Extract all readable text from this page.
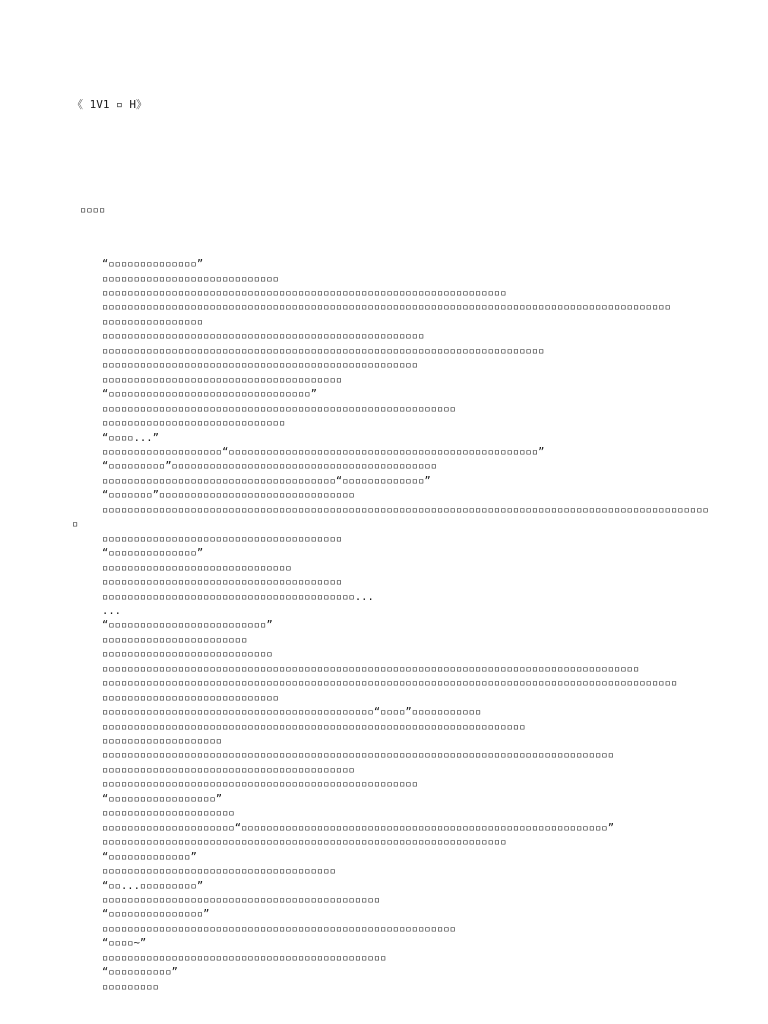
《 1V1 ▫ H》

▫▫▫▫

“▫▫▫▫▫▫▫▫▫▫▫▫▫▫”
▫▫▫▫▫▫▫▫▫▫▫▫▫▫▫▫▫▫▫▫▫▫▫▫▫▫▫▫
▫▫▫▫▫▫▫▫▫▫▫▫▫▫▫▫▫▫▫▫▫▫▫▫▫▫▫▫▫▫▫▫▫▫▫▫▫▫▫▫▫▫▫▫▫▫▫▫▫▫▫▫▫▫▫▫▫▫▫▫▫▫▫▫
▫▫▫▫▫▫▫▫▫▫▫▫▫▫▫▫▫▫▫▫▫▫▫▫▫▫▫▫▫▫▫▫▫▫▫▫▫▫▫▫▫▫▫▫▫▫▫▫▫▫▫▫▫▫▫▫▫▫▫▫▫▫▫▫▫▫▫▫▫▫▫▫▫▫▫▫▫▫▫▫▫▫▫▫▫▫▫▫▫▫
▫▫▫▫▫▫▫▫▫▫▫▫▫▫▫▫
▫▫▫▫▫▫▫▫▫▫▫▫▫▫▫▫▫▫▫▫▫▫▫▫▫▫▫▫▫▫▫▫▫▫▫▫▫▫▫▫▫▫▫▫▫▫▫▫▫▫▫
▫▫▫▫▫▫▫▫▫▫▫▫▫▫▫▫▫▫▫▫▫▫▫▫▫▫▫▫▫▫▫▫▫▫▫▫▫▫▫▫▫▫▫▫▫▫▫▫▫▫▫▫▫▫▫▫▫▫▫▫▫▫▫▫▫▫▫▫▫▫
▫▫▫▫▫▫▫▫▫▫▫▫▫▫▫▫▫▫▫▫▫▫▫▫▫▫▫▫▫▫▫▫▫▫▫▫▫▫▫▫▫▫▫▫▫▫▫▫▫▫
▫▫▫▫▫▫▫▫▫▫▫▫▫▫▫▫▫▫▫▫▫▫▫▫▫▫▫▫▫▫▫▫▫▫▫▫▫▫
“▫▫▫▫▫▫▫▫▫▫▫▫▫▫▫▫▫▫▫▫▫▫▫▫▫▫▫▫▫▫▫▫”
▫▫▫▫▫▫▫▫▫▫▫▫▫▫▫▫▫▫▫▫▫▫▫▫▫▫▫▫▫▫▫▫▫▫▫▫▫▫▫▫▫▫▫▫▫▫▫▫▫▫▫▫▫▫▫▫
▫▫▫▫▫▫▫▫▫▫▫▫▫▫▫▫▫▫▫▫▫▫▫▫▫▫▫▫▫
“▫▫▫▫...”
▫▫▫▫▫▫▫▫▫▫▫▫▫▫▫▫▫▫▫“▫▫▫▫▫▫▫▫▫▫▫▫▫▫▫▫▫▫▫▫▫▫▫▫▫▫▫▫▫▫▫▫▫▫▫▫▫▫▫▫▫▫▫▫▫▫▫▫▫”
“▫▫▫▫▫▫▫▫▫”▫▫▫▫▫▫▫▫▫▫▫▫▫▫▫▫▫▫▫▫▫▫▫▫▫▫▫▫▫▫▫▫▫▫▫▫▫▫▫▫▫▫
▫▫▫▫▫▫▫▫▫▫▫▫▫▫▫▫▫▫▫▫▫▫▫▫▫▫▫▫▫▫▫▫▫▫▫▫▫“▫▫▫▫▫▫▫▫▫▫▫▫▫”
“▫▫▫▫▫▫▫”▫▫▫▫▫▫▫▫▫▫▫▫▫▫▫▫▫▫▫▫▫▫▫▫▫▫▫▫▫▫▫
▫▫▫▫▫▫▫▫▫▫▫▫▫▫▫▫▫▫▫▫▫▫▫▫▫▫▫▫▫▫▫▫▫▫▫▫▫▫▫▫▫▫▫▫▫▫▫▫▫▫▫▫▫▫▫▫▫▫▫▫▫▫▫▫▫▫▫▫▫▫▫▫▫▫▫▫▫▫▫▫▫▫▫▫▫▫▫▫▫▫▫▫▫▫▫▫▫
▫▫▫▫▫▫▫▫▫▫▫▫▫▫▫▫▫▫▫▫▫▫▫▫▫▫▫▫▫▫▫▫▫▫▫▫▫▫
“▫▫▫▫▫▫▫▫▫▫▫▫▫▫”
▫▫▫▫▫▫▫▫▫▫▫▫▫▫▫▫▫▫▫▫▫▫▫▫▫▫▫▫▫▫
▫▫▫▫▫▫▫▫▫▫▫▫▫▫▫▫▫▫▫▫▫▫▫▫▫▫▫▫▫▫▫▫▫▫▫▫▫▫
▫▫▫▫▫▫▫▫▫▫▫▫▫▫▫▫▫▫▫▫▫▫▫▫▫▫▫▫▫▫▫▫▫▫▫▫▫▫▫▫...
...
“▫▫▫▫▫▫▫▫▫▫▫▫▫▫▫▫▫▫▫▫▫▫▫▫▫”
▫▫▫▫▫▫▫▫▫▫▫▫▫▫▫▫▫▫▫▫▫▫▫
▫▫▫▫▫▫▫▫▫▫▫▫▫▫▫▫▫▫▫▫▫▫▫▫▫▫▫
▫▫▫▫▫▫▫▫▫▫▫▫▫▫▫▫▫▫▫▫▫▫▫▫▫▫▫▫▫▫▫▫▫▫▫▫▫▫▫▫▫▫▫▫▫▫▫▫▫▫▫▫▫▫▫▫▫▫▫▫▫▫▫▫▫▫▫▫▫▫▫▫▫▫▫▫▫▫▫▫▫▫▫▫▫
▫▫▫▫▫▫▫▫▫▫▫▫▫▫▫▫▫▫▫▫▫▫▫▫▫▫▫▫▫▫▫▫▫▫▫▫▫▫▫▫▫▫▫▫▫▫▫▫▫▫▫▫▫▫▫▫▫▫▫▫▫▫▫▫▫▫▫▫▫▫▫▫▫▫▫▫▫▫▫▫▫▫▫▫▫▫▫▫▫▫▫
▫▫▫▫▫▫▫▫▫▫▫▫▫▫▫▫▫▫▫▫▫▫▫▫▫▫▫▫
▫▫▫▫▫▫▫▫▫▫▫▫▫▫▫▫▫▫▫▫▫▫▫▫▫▫▫▫▫▫▫▫▫▫▫▫▫▫▫▫▫▫▫“▫▫▫▫”▫▫▫▫▫▫▫▫▫▫▫
▫▫▫▫▫▫▫▫▫▫▫▫▫▫▫▫▫▫▫▫▫▫▫▫▫▫▫▫▫▫▫▫▫▫▫▫▫▫▫▫▫▫▫▫▫▫▫▫▫▫▫▫▫▫▫▫▫▫▫▫▫▫▫▫▫▫▫
▫▫▫▫▫▫▫▫▫▫▫▫▫▫▫▫▫▫▫
▫▫▫▫▫▫▫▫▫▫▫▫▫▫▫▫▫▫▫▫▫▫▫▫▫▫▫▫▫▫▫▫▫▫▫▫▫▫▫▫▫▫▫▫▫▫▫▫▫▫▫▫▫▫▫▫▫▫▫▫▫▫▫▫▫▫▫▫▫▫▫▫▫▫▫▫▫▫▫▫▫
▫▫▫▫▫▫▫▫▫▫▫▫▫▫▫▫▫▫▫▫▫▫▫▫▫▫▫▫▫▫▫▫▫▫▫▫▫▫▫▫
▫▫▫▫▫▫▫▫▫▫▫▫▫▫▫▫▫▫▫▫▫▫▫▫▫▫▫▫▫▫▫▫▫▫▫▫▫▫▫▫▫▫▫▫▫▫▫▫▫▫
“▫▫▫▫▫▫▫▫▫▫▫▫▫▫▫▫▫”
▫▫▫▫▫▫▫▫▫▫▫▫▫▫▫▫▫▫▫▫▫
▫▫▫▫▫▫▫▫▫▫▫▫▫▫▫▫▫▫▫▫▫“▫▫▫▫▫▫▫▫▫▫▫▫▫▫▫▫▫▫▫▫▫▫▫▫▫▫▫▫▫▫▫▫▫▫▫▫▫▫▫▫▫▫▫▫▫▫▫▫▫▫▫▫▫▫▫▫▫▫”
▫▫▫▫▫▫▫▫▫▫▫▫▫▫▫▫▫▫▫▫▫▫▫▫▫▫▫▫▫▫▫▫▫▫▫▫▫▫▫▫▫▫▫▫▫▫▫▫▫▫▫▫▫▫▫▫▫▫▫▫▫▫▫▫
“▫▫▫▫▫▫▫▫▫▫▫▫▫”
▫▫▫▫▫▫▫▫▫▫▫▫▫▫▫▫▫▫▫▫▫▫▫▫▫▫▫▫▫▫▫▫▫▫▫▫▫
“▫▫...▫▫▫▫▫▫▫▫▫”
▫▫▫▫▫▫▫▫▫▫▫▫▫▫▫▫▫▫▫▫▫▫▫▫▫▫▫▫▫▫▫▫▫▫▫▫▫▫▫▫▫▫▫▫
“▫▫▫▫▫▫▫▫▫▫▫▫▫▫▫”
▫▫▫▫▫▫▫▫▫▫▫▫▫▫▫▫▫▫▫▫▫▫▫▫▫▫▫▫▫▫▫▫▫▫▫▫▫▫▫▫▫▫▫▫▫▫▫▫▫▫▫▫▫▫▫▫
“▫▫▫▫~”
▫▫▫▫▫▫▫▫▫▫▫▫▫▫▫▫▫▫▫▫▫▫▫▫▫▫▫▫▫▫▫▫▫▫▫▫▫▫▫▫▫▫▫▫▫
“▫▫▫▫▫▫▫▫▫▫”
▫▫▫▫▫▫▫▫▫
